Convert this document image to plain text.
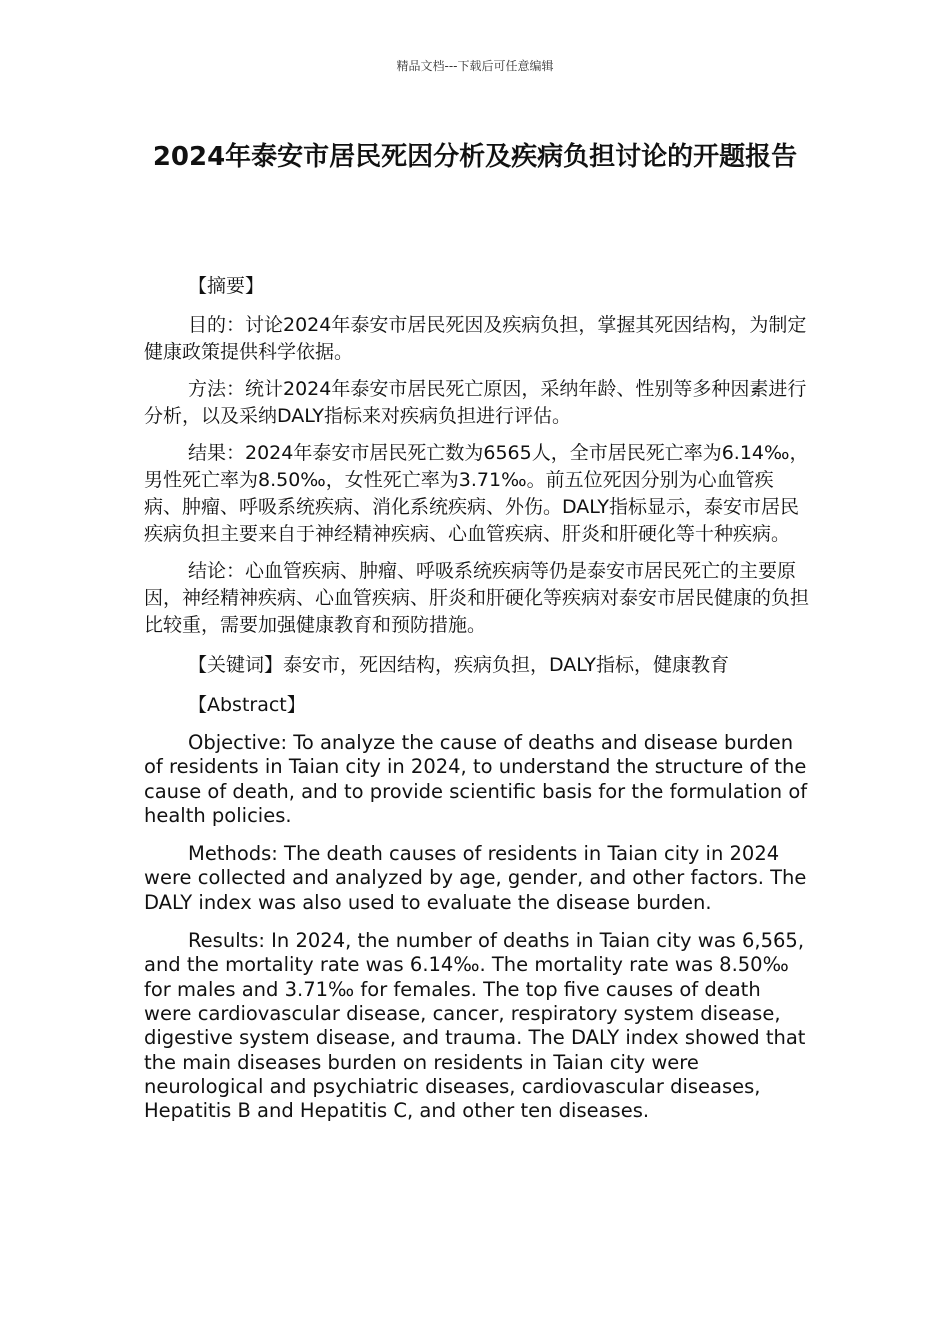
精品文档---下载后可任意编辑
2024年泰安市居民死因分析及疾病负担讨论的开题报告

【摘要】

目的：讨论2024年泰安市居民死因及疾病负担，掌握其死因结构，为制定健康政策提供科学依据。

方法：统计2024年泰安市居民死亡原因，采纳年龄、性别等多种因素进行分析，以及采纳DALY指标来对疾病负担进行评估。

结果：2024年泰安市居民死亡数为6565人，全市居民死亡率为6.14‰，男性死亡率为8.50‰，女性死亡率为3.71‰。前五位死因分别为心血管疾病、肿瘤、呼吸系统疾病、消化系统疾病、外伤。DALY指标显示，泰安市居民疾病负担主要来自于神经精神疾病、心血管疾病、肝炎和肝硬化等十种疾病。

结论：心血管疾病、肿瘤、呼吸系统疾病等仍是泰安市居民死亡的主要原因，神经精神疾病、心血管疾病、肝炎和肝硬化等疾病对泰安市居民健康的负担比较重，需要加强健康教育和预防措施。

【关键词】泰安市，死因结构，疾病负担，DALY指标，健康教育

【Abstract】

Objective: To analyze the cause of deaths and disease burden of residents in Taian city in 2024, to understand the structure of the cause of death, and to provide scientific basis for the formulation of health policies.

Methods: The death causes of residents in Taian city in 2024 were collected and analyzed by age, gender, and other factors. The DALY index was also used to evaluate the disease burden.

Results: In 2024, the number of deaths in Taian city was 6,565, and the mortality rate was 6.14‰. The mortality rate was 8.50‰ for males and 3.71‰ for females. The top five causes of death were cardiovascular disease, cancer, respiratory system disease, digestive system disease, and trauma. The DALY index showed that the main diseases burden on residents in Taian city were neurological and psychiatric diseases, cardiovascular diseases, Hepatitis B and Hepatitis C, and other ten diseases.
